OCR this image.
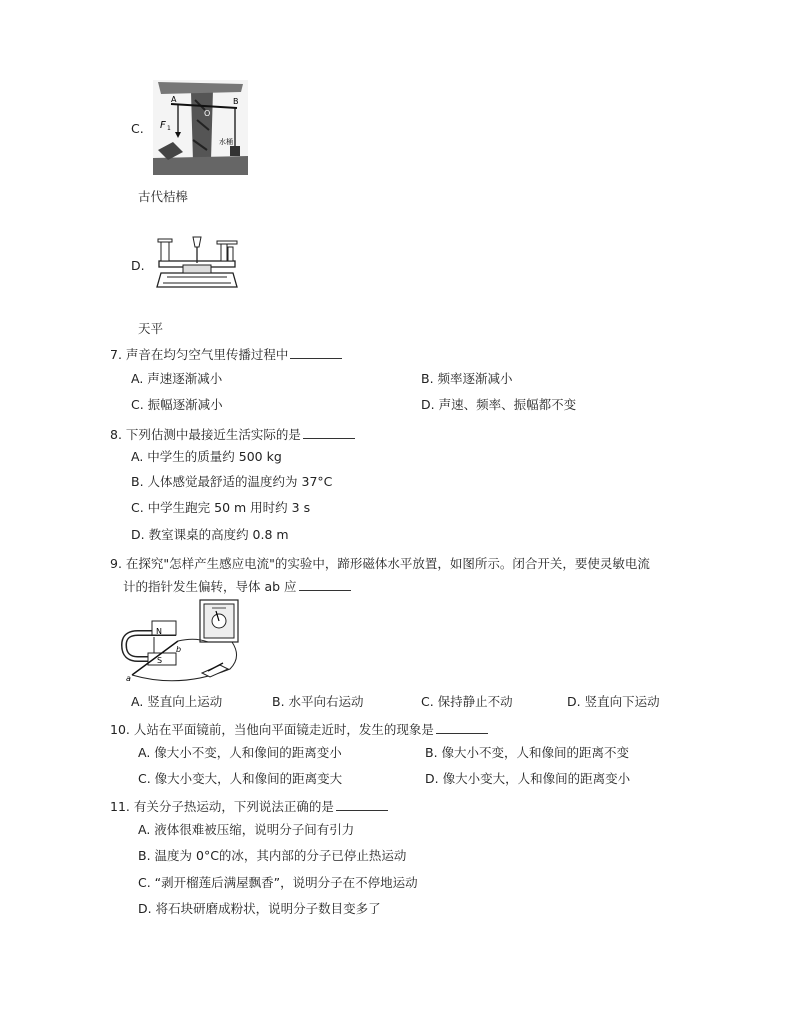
C.
A	B
O
F 1
水桶
古代桔槔
D.
天平
7. 声音在均匀空气里传播过程中
A. 声速逐渐减小	B. 频率逐渐减小
C. 振幅逐渐减小	D. 声速、频率、振幅都不变
8. 下列估测中最接近生活实际的是
A. 中学生的质量约 500 kg
B. 人体感觉最舒适的温度约为 37°C
C. 中学生跑完 50 m 用时约 3 s
D. 教室课桌的高度约 0.8 m
9. 在探究"怎样产生感应电流"的实验中，蹄形磁体水平放置，如图所示。闭合开关，要使灵敏电流
计的指针发生偏转，导体 ab 应
N
S
a
b
A. 竖直向上运动	B. 水平向右运动	C. 保持静止不动	D. 竖直向下运动
10. 人站在平面镜前，当他向平面镜走近时，发生的现象是
A. 像大小不变，人和像间的距离变小	B. 像大小不变，人和像间的距离不变
C. 像大小变大，人和像间的距离变大	D. 像大小变大，人和像间的距离变小
11. 有关分子热运动，下列说法正确的是
A. 液体很难被压缩，说明分子间有引力
B. 温度为 0°C的冰，其内部的分子已停止热运动
C. “剥开榴莲后满屋飘香”，说明分子在不停地运动
D. 将石块研磨成粉状，说明分子数目变多了
